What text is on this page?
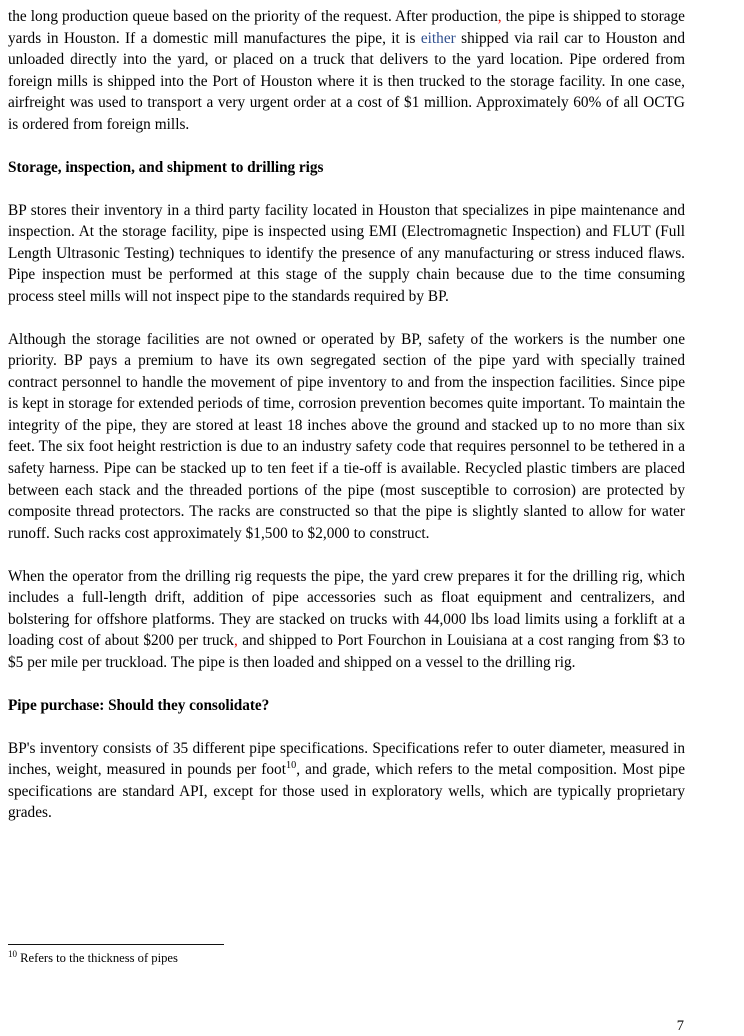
the long production queue based on the priority of the request. After production, the pipe is shipped to storage yards in Houston. If a domestic mill manufactures the pipe, it is either shipped via rail car to Houston and unloaded directly into the yard, or placed on a truck that delivers to the yard location. Pipe ordered from foreign mills is shipped into the Port of Houston where it is then trucked to the storage facility. In one case, airfreight was used to transport a very urgent order at a cost of $1 million. Approximately 60% of all OCTG is ordered from foreign mills.

Storage, inspection, and shipment to drilling rigs

BP stores their inventory in a third party facility located in Houston that specializes in pipe maintenance and inspection. At the storage facility, pipe is inspected using EMI (Electromagnetic Inspection) and FLUT (Full Length Ultrasonic Testing) techniques to identify the presence of any manufacturing or stress induced flaws. Pipe inspection must be performed at this stage of the supply chain because due to the time consuming process steel mills will not inspect pipe to the standards required by BP.

Although the storage facilities are not owned or operated by BP, safety of the workers is the number one priority. BP pays a premium to have its own segregated section of the pipe yard with specially trained contract personnel to handle the movement of pipe inventory to and from the inspection facilities. Since pipe is kept in storage for extended periods of time, corrosion prevention becomes quite important. To maintain the integrity of the pipe, they are stored at least 18 inches above the ground and stacked up to no more than six feet. The six foot height restriction is due to an industry safety code that requires personnel to be tethered in a safety harness. Pipe can be stacked up to ten feet if a tie-off is available. Recycled plastic timbers are placed between each stack and the threaded portions of the pipe (most susceptible to corrosion) are protected by composite thread protectors. The racks are constructed so that the pipe is slightly slanted to allow for water runoff. Such racks cost approximately $1,500 to $2,000 to construct.

When the operator from the drilling rig requests the pipe, the yard crew prepares it for the drilling rig, which includes a full-length drift, addition of pipe accessories such as float equipment and centralizers, and bolstering for offshore platforms. They are stacked on trucks with 44,000 lbs load limits using a forklift at a loading cost of about $200 per truck, and shipped to Port Fourchon in Louisiana at a cost ranging from $3 to $5 per mile per truckload. The pipe is then loaded and shipped on a vessel to the drilling rig.

Pipe purchase: Should they consolidate?

BP's inventory consists of 35 different pipe specifications. Specifications refer to outer diameter, measured in inches, weight, measured in pounds per foot$^{10}$, and grade, which refers to the metal composition. Most pipe specifications are standard API, except for those used in exploratory wells, which are typically proprietary grades.

$^{10}$ Refers to the thickness of pipes

7
